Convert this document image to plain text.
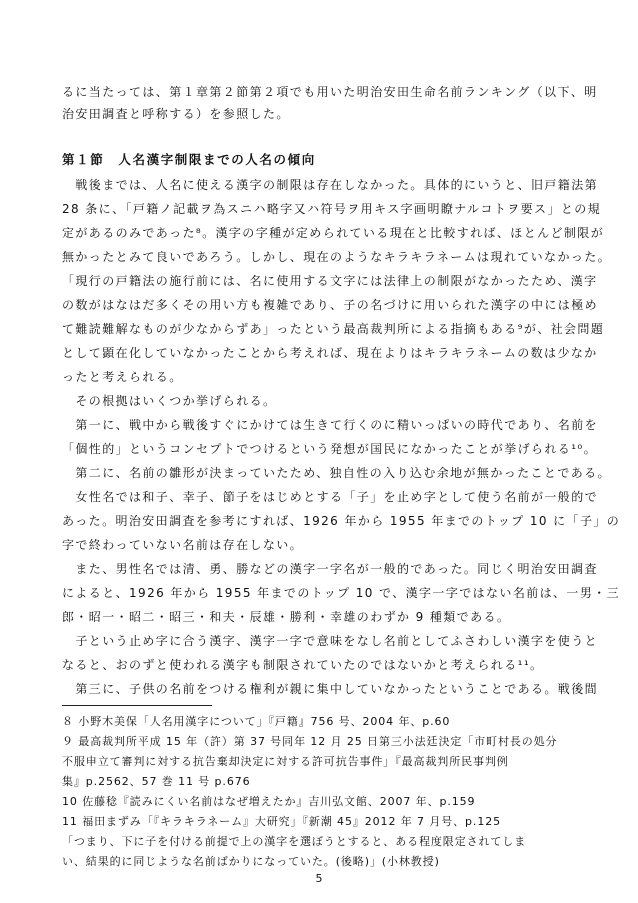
るに当たっては、第１章第２節第２項でも用いた明治安田生命名前ランキング（以下、明
治安田調査と呼称する）を参照した。
第１節　人名漢字制限までの人名の傾向
　戦後までは、人名に使える漢字の制限は存在しなかった。具体的にいうと、旧戸籍法第
28 条に、「戸籍ノ記載ヲ為スニハ略字又ハ符号ヲ用キス字画明瞭ナルコトヲ要ス」との規
定があるのみであった⁸。漢字の字種が定められている現在と比較すれば、ほとんど制限が
無かったとみて良いであろう。しかし、現在のようなキラキラネームは現れていなかった。
「現行の戸籍法の施行前には、名に使用する文字には法律上の制限がなかったため、漢字
の数がはなはだ多くその用い方も複雑であり、子の名づけに用いられた漢字の中には極め
て難読難解なものが少なからずあ」ったという最高裁判所による指摘もある⁹が、社会問題
として顕在化していなかったことから考えれば、現在よりはキラキラネームの数は少なか
ったと考えられる。
　その根拠はいくつか挙げられる。
　第一に、戦中から戦後すぐにかけては生きて行くのに精いっぱいの時代であり、名前を
「個性的」というコンセプトでつけるという発想が国民になかったことが挙げられる¹⁰。
　第二に、名前の雛形が決まっていたため、独自性の入り込む余地が無かったことである。
　女性名では和子、幸子、節子をはじめとする「子」を止め字として使う名前が一般的で
あった。明治安田調査を参考にすれば、1926 年から 1955 年までのトップ 10 に「子」の
字で終わっていない名前は存在しない。
　また、男性名では清、勇、勝などの漢字一字名が一般的であった。同じく明治安田調査
によると、1926 年から 1955 年までのトップ 10 で、漢字一字ではない名前は、一男・三
郎・昭一・昭二・昭三・和夫・辰雄・勝利・幸雄のわずか 9 種類である。
　子という止め字に合う漢字、漢字一字で意味をなし名前としてふさわしい漢字を使うと
なると、おのずと使われる漢字も制限されていたのではないかと考えられる¹¹。
　第三に、子供の名前をつける権利が親に集中していなかったということである。戦後間
８ 小野木美保「人名用漢字について」『戸籍』756 号、2004 年、p.60
９ 最高裁判所平成 15 年（許）第 37 号同年 12 月 25 日第三小法廷決定「市町村長の処分
不服申立て審判に対する抗告棄却決定に対する許可抗告事件」『最高裁判所民事判例
集』p.2562、57 巻 11 号 p.676
10 佐藤稔『読みにくい名前はなぜ増えたか』吉川弘文館、2007 年、p.159
11 福田まずみ「『キラキラネーム』大研究」『新潮 45』2012 年 7 月号、p.125
「つまり、下に子を付ける前提で上の漢字を選ぼうとすると、ある程度限定されてしま
い、結果的に同じような名前ばかりになっていた。(後略)」(小林教授)
5
